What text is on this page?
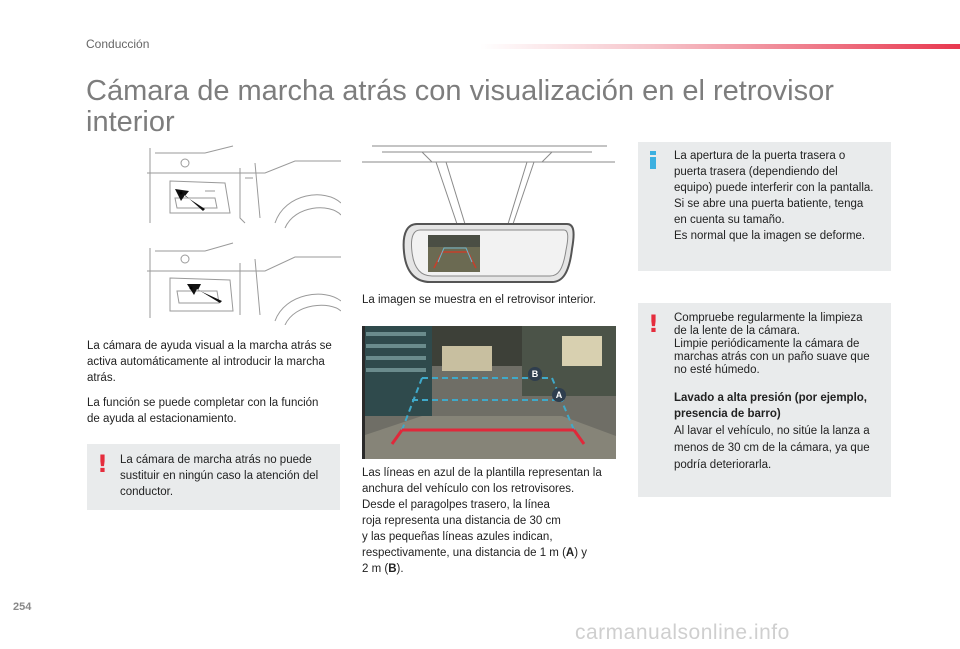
Conducción
Cámara de marcha atrás con visualización en el retrovisor interior
La imagen se muestra en el retrovisor interior.
B
A
Las líneas en azul de la plantilla representan la anchura del vehículo con los retrovisores.
Desde el paragolpes trasero, la línea
roja representa una distancia de 30 cm
y las pequeñas líneas azules indican,
respectivamente, una distancia de 1 m (A) y
2 m (B).
La cámara de ayuda visual a la marcha atrás se activa automáticamente al introducir la marcha atrás.
La función se puede completar con la función de ayuda al estacionamiento.
! La cámara de marcha atrás no puede sustituir en ningún caso la atención del conductor.
La apertura de la puerta trasera o
puerta trasera (dependiendo del
equipo) puede interferir con la pantalla.
Si se abre una puerta batiente, tenga
en cuenta su tamaño.
Es normal que la imagen se deforme.
! Compruebe regularmente la limpieza
de la lente de la cámara.
Limpie periódicamente la cámara de
marchas atrás con un paño suave que
no esté húmedo.
Lavado a alta presión (por ejemplo, presencia de barro)
Al lavar el vehículo, no sitúe la lanza a menos de 30 cm de la cámara, ya que podría deteriorarla.
254
carmanualsonline.info
